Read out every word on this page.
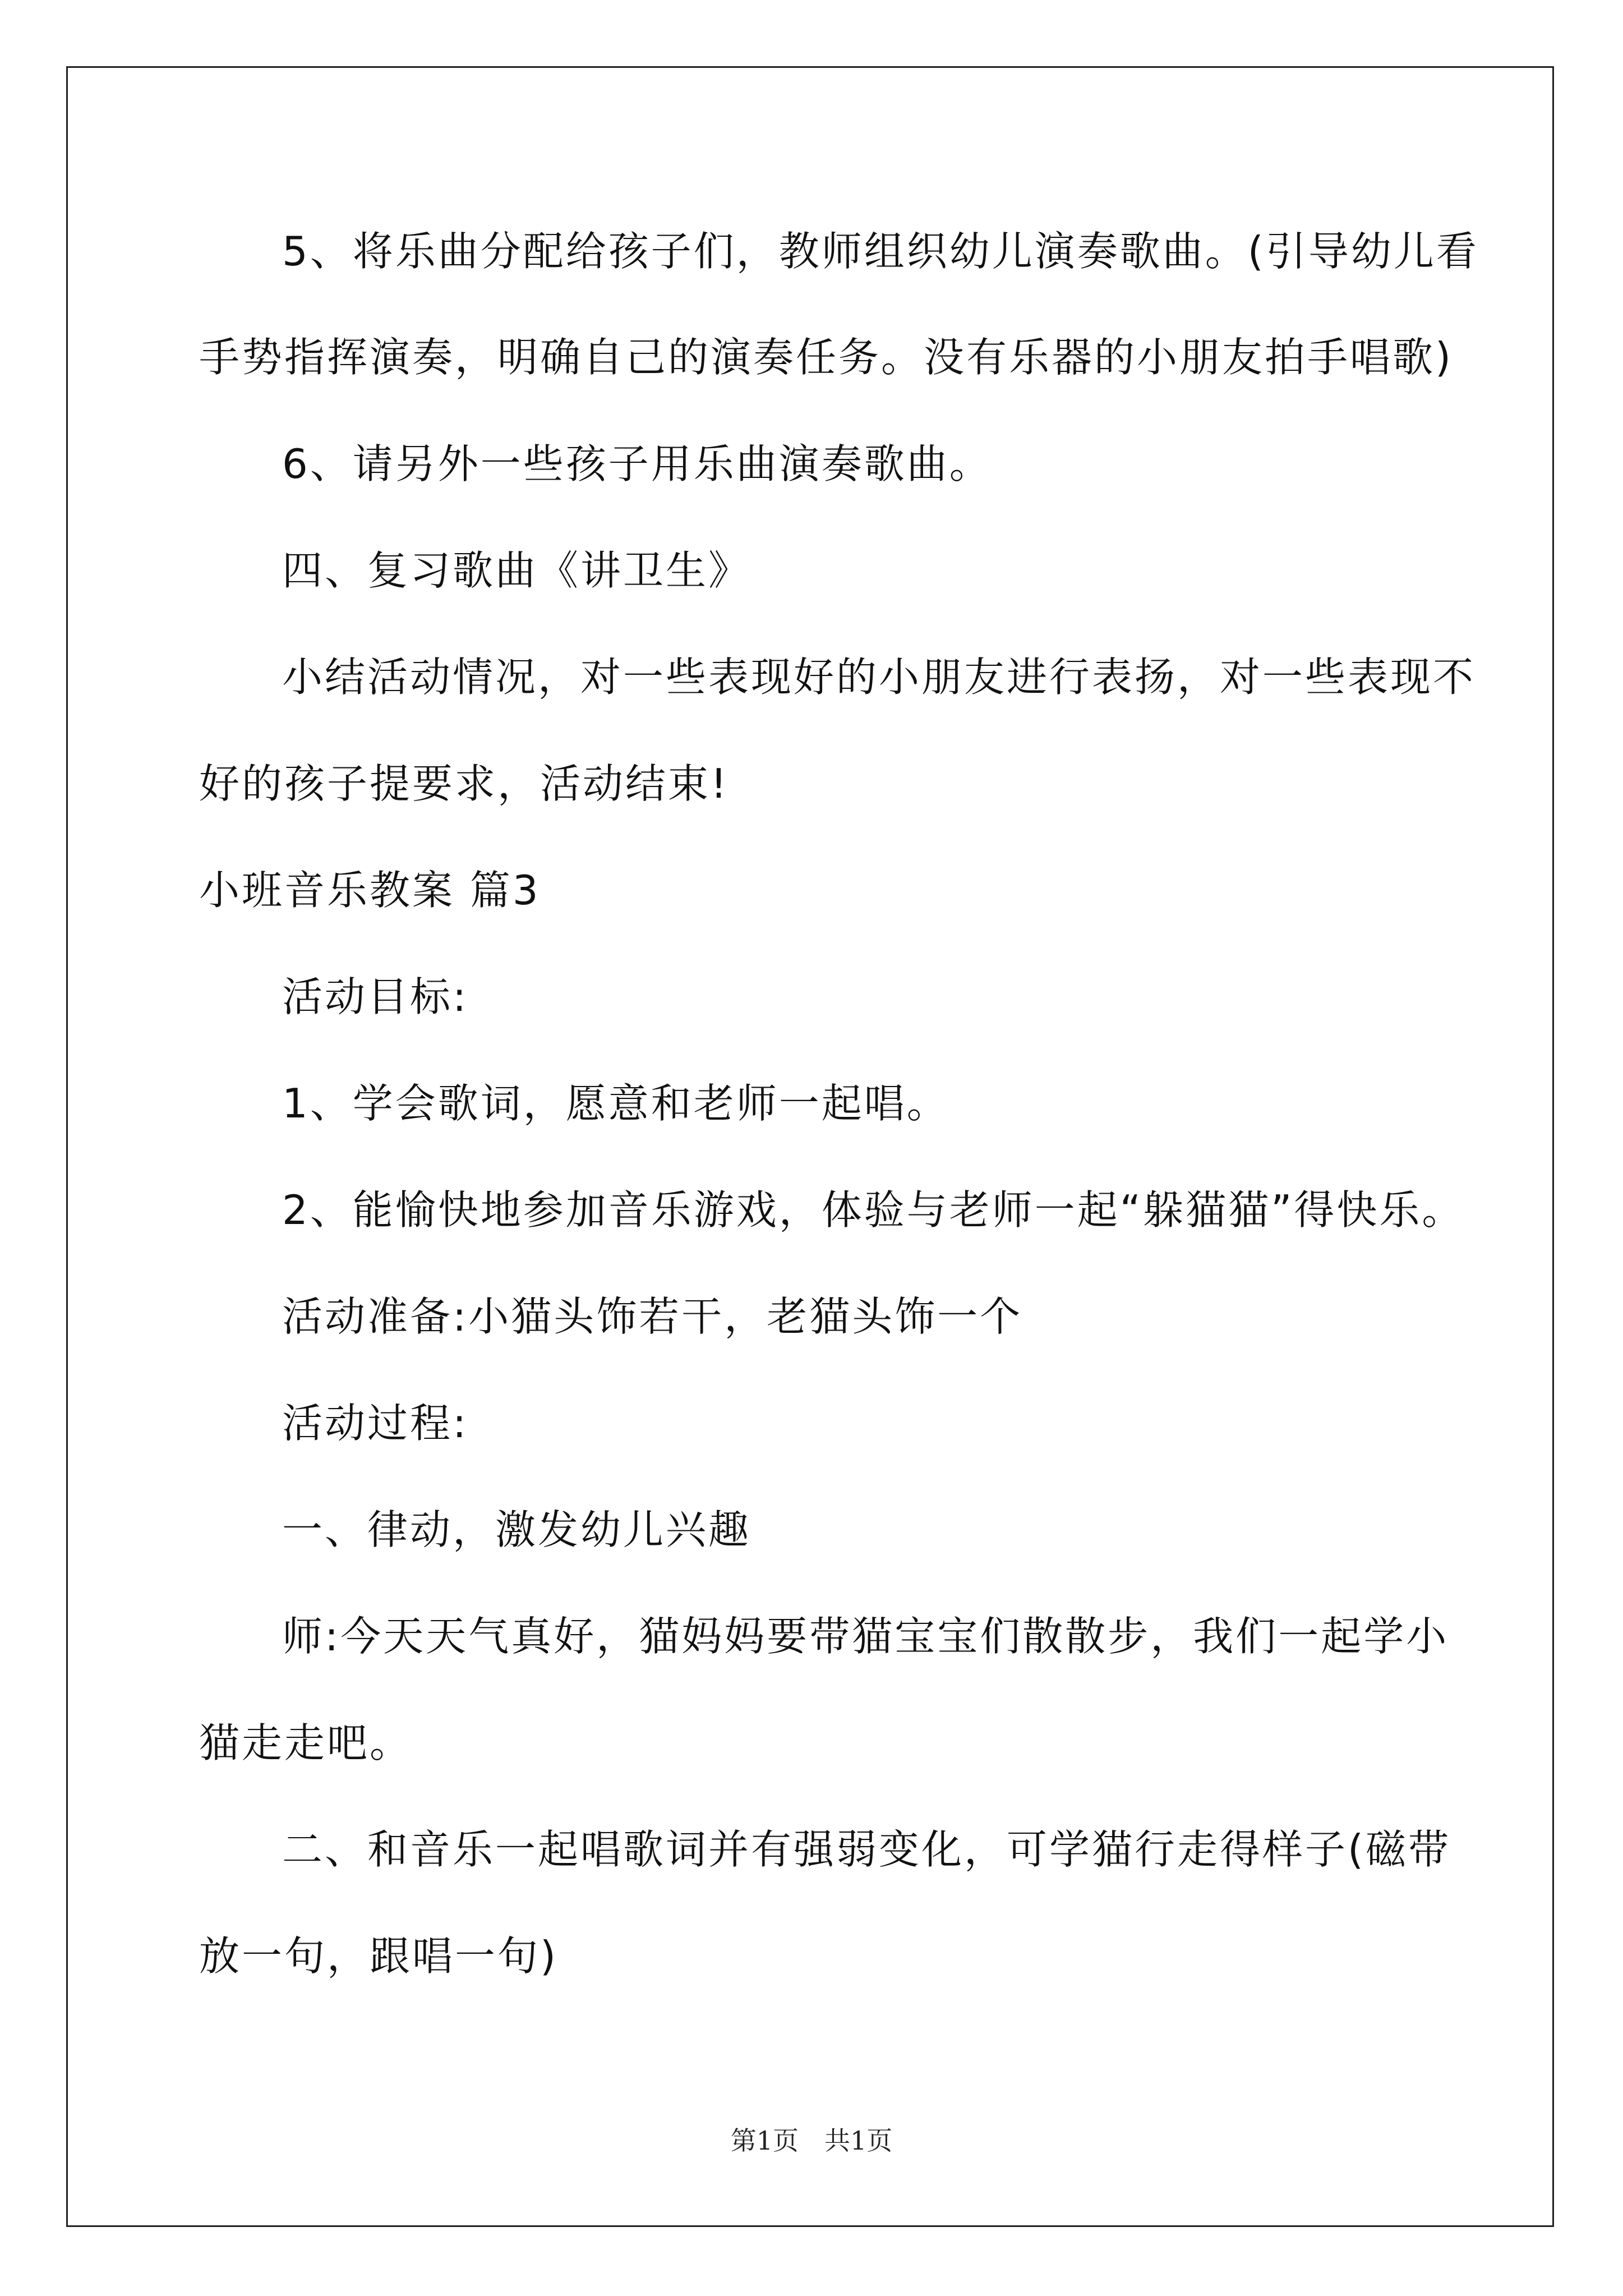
5、将乐曲分配给孩子们，教师组织幼儿演奏歌曲。(引导幼儿看
手势指挥演奏，明确自己的演奏任务。没有乐器的小朋友拍手唱歌)
6、请另外一些孩子用乐曲演奏歌曲。
四、复习歌曲《讲卫生》
小结活动情况，对一些表现好的小朋友进行表扬，对一些表现不
好的孩子提要求，活动结束!
小班音乐教案 篇3
活动目标:
1、学会歌词，愿意和老师一起唱。
2、能愉快地参加音乐游戏，体验与老师一起“躲猫猫”得快乐。
活动准备:小猫头饰若干，老猫头饰一个
活动过程:
一、律动，激发幼儿兴趣
师:今天天气真好，猫妈妈要带猫宝宝们散散步，我们一起学小
猫走走吧。
二、和音乐一起唱歌词并有强弱变化，可学猫行走得样子(磁带
放一句，跟唱一句)
第1页　共1页
